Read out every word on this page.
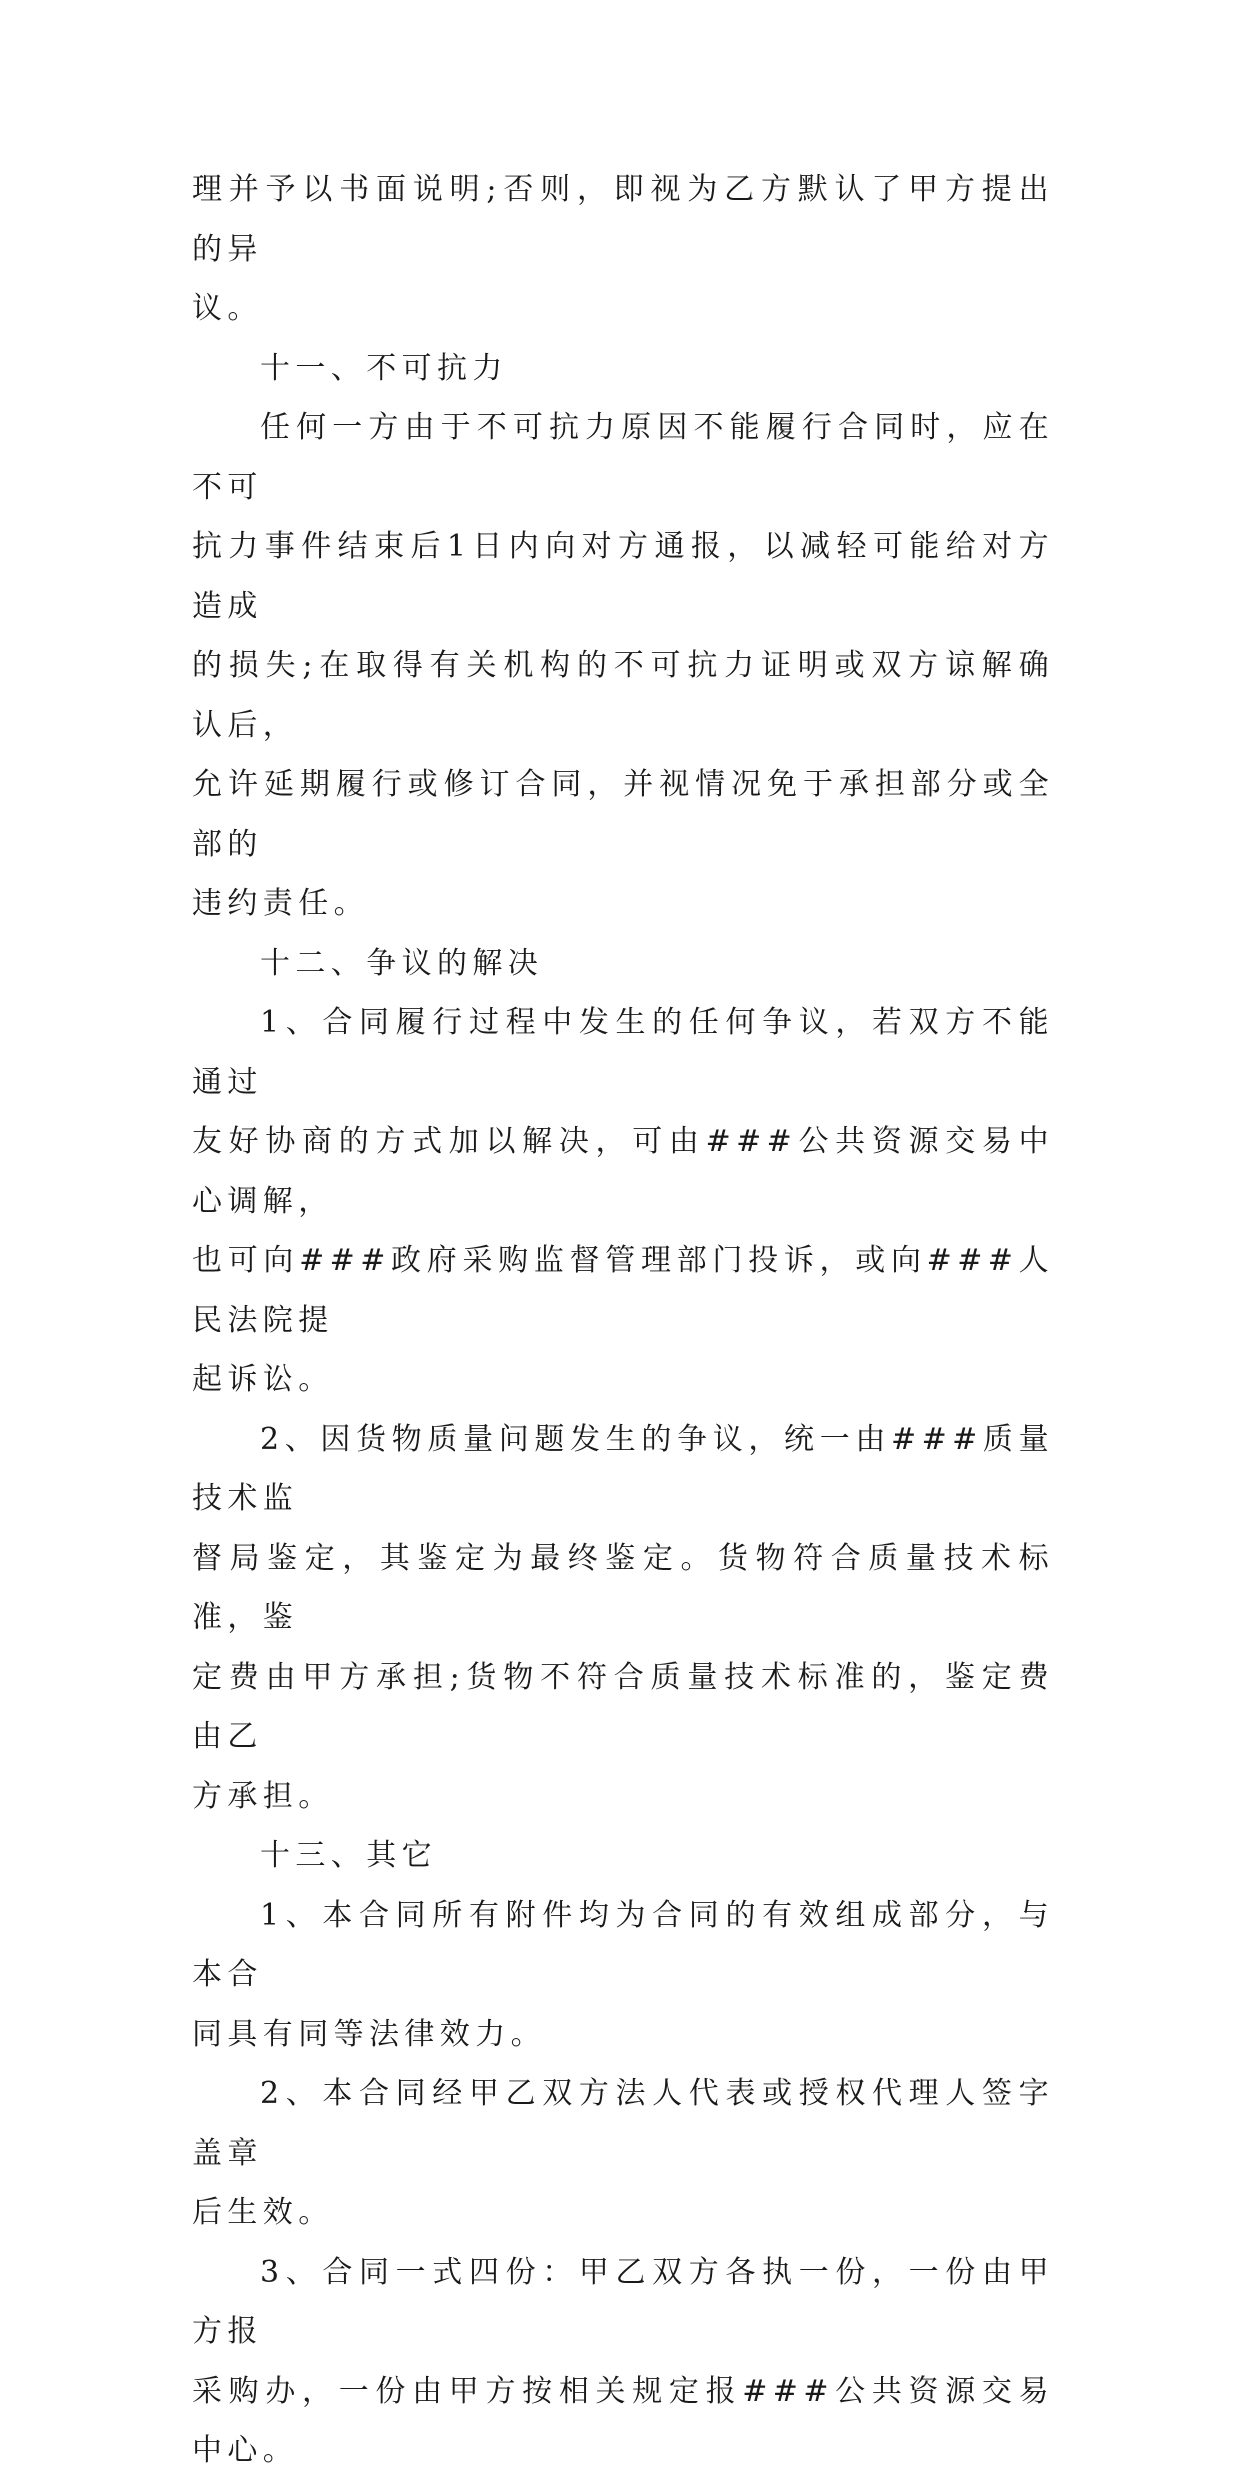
理并予以书面说明;否则，即视为乙方默认了甲方提出的异
议。

十一、不可抗力

任何一方由于不可抗力原因不能履行合同时，应在不可
抗力事件结束后1日内向对方通报，以减轻可能给对方造成
的损失;在取得有关机构的不可抗力证明或双方谅解确认后，
允许延期履行或修订合同，并视情况免于承担部分或全部的
违约责任。

十二、争议的解决

1、合同履行过程中发生的任何争议，若双方不能通过
友好协商的方式加以解决，可由###公共资源交易中心调解，
也可向###政府采购监督管理部门投诉，或向###人民法院提
起诉讼。

2、因货物质量问题发生的争议，统一由###质量技术监
督局鉴定，其鉴定为最终鉴定。货物符合质量技术标准，鉴
定费由甲方承担;货物不符合质量技术标准的，鉴定费由乙
方承担。

十三、其它

1、本合同所有附件均为合同的有效组成部分，与本合
同具有同等法律效力。

2、本合同经甲乙双方法人代表或授权代理人签字盖章
后生效。

3、合同一式四份：甲乙双方各执一份，一份由甲方报
采购办，一份由甲方按相关规定报###公共资源交易中心。
